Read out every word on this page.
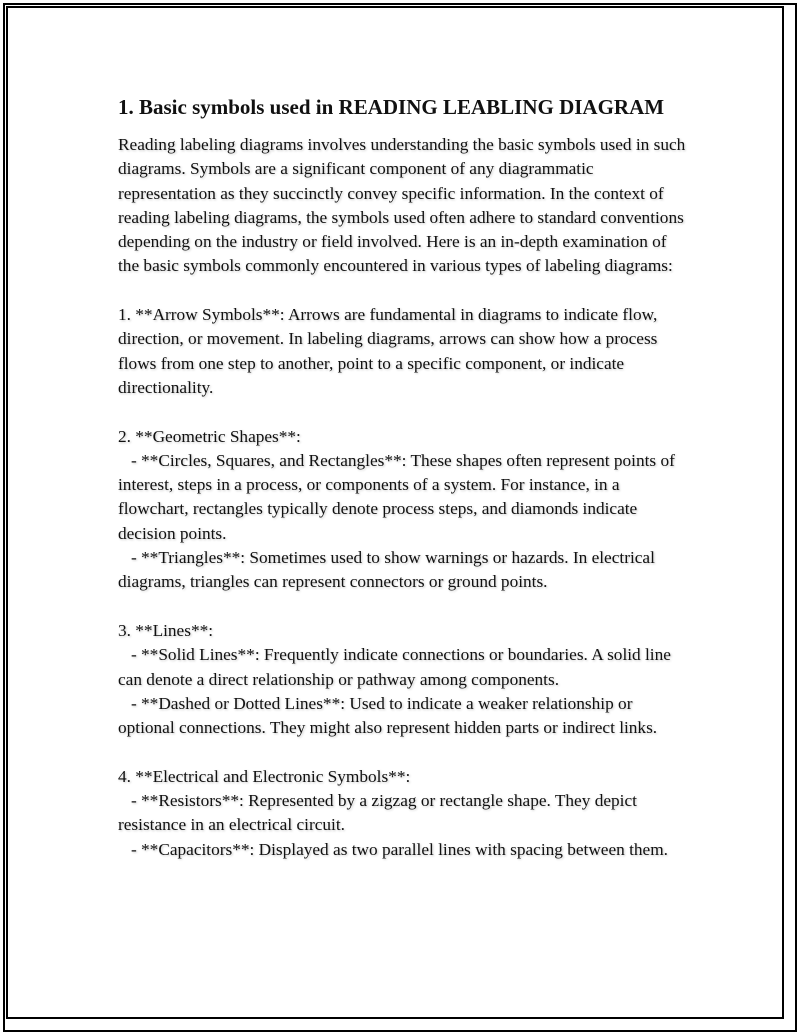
1. Basic symbols used in READING LEABLING DIAGRAM

Reading labeling diagrams involves understanding the basic symbols used in such diagrams. Symbols are a significant component of any diagrammatic representation as they succinctly convey specific information. In the context of reading labeling diagrams, the symbols used often adhere to standard conventions depending on the industry or field involved. Here is an in-depth examination of the basic symbols commonly encountered in various types of labeling diagrams:

1. **Arrow Symbols**: Arrows are fundamental in diagrams to indicate flow, direction, or movement. In labeling diagrams, arrows can show how a process flows from one step to another, point to a specific component, or indicate directionality.

2. **Geometric Shapes**:
- **Circles, Squares, and Rectangles**: These shapes often represent points of interest, steps in a process, or components of a system. For instance, in a flowchart, rectangles typically denote process steps, and diamonds indicate decision points.
- **Triangles**: Sometimes used to show warnings or hazards. In electrical diagrams, triangles can represent connectors or ground points.

3. **Lines**:
- **Solid Lines**: Frequently indicate connections or boundaries. A solid line can denote a direct relationship or pathway among components.
- **Dashed or Dotted Lines**: Used to indicate a weaker relationship or optional connections. They might also represent hidden parts or indirect links.

4. **Electrical and Electronic Symbols**:
- **Resistors**: Represented by a zigzag or rectangle shape. They depict resistance in an electrical circuit.
- **Capacitors**: Displayed as two parallel lines with spacing between them.
